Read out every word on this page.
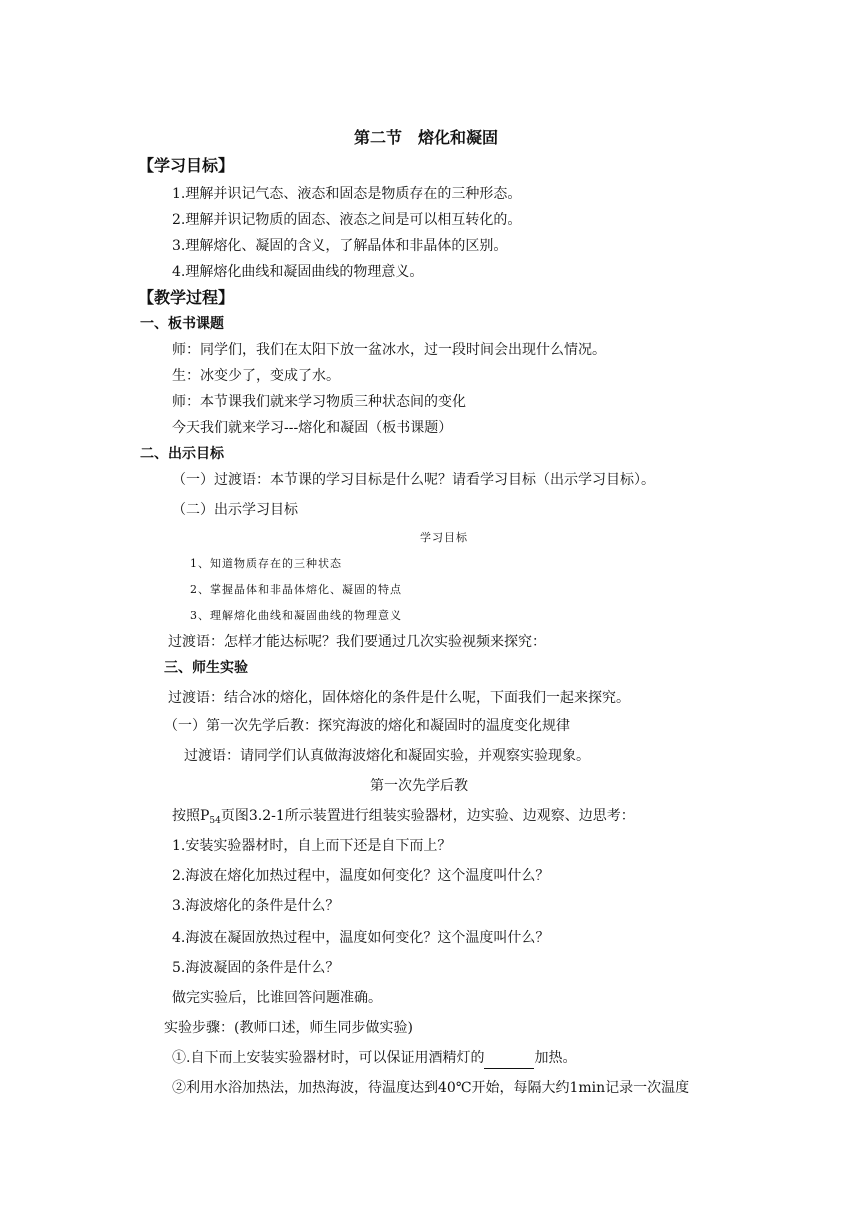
第二节　熔化和凝固
【学习目标】
1.理解并识记气态、液态和固态是物质存在的三种形态。
2.理解并识记物质的固态、液态之间是可以相互转化的。
3.理解熔化、凝固的含义，了解晶体和非晶体的区别。
4.理解熔化曲线和凝固曲线的物理意义。
【教学过程】
一、板书课题
师：同学们，我们在太阳下放一盆冰水，过一段时间会出现什么情况。
生：冰变少了，变成了水。
师：本节课我们就来学习物质三种状态间的变化
今天我们就来学习---熔化和凝固（板书课题）
二、出示目标
（一）过渡语：本节课的学习目标是什么呢？请看学习目标（出示学习目标）。
（二）出示学习目标
学习目标
1、知道物质存在的三种状态
2、掌握晶体和非晶体熔化、凝固的特点
3、理解熔化曲线和凝固曲线的物理意义
过渡语：怎样才能达标呢？我们要通过几次实验视频来探究：
三、师生实验
过渡语：结合冰的熔化，固体熔化的条件是什么呢，下面我们一起来探究。
（一）第一次先学后教：探究海波的熔化和凝固时的温度变化规律
过渡语：请同学们认真做海波熔化和凝固实验，并观察实验现象。
第一次先学后教
按照$P_{54}$页图3.2-1所示装置进行组装实验器材，边实验、边观察、边思考：
1.安装实验器材时，自上而下还是自下而上？
2.海波在熔化加热过程中，温度如何变化？这个温度叫什么？
3.海波熔化的条件是什么？
4.海波在凝固放热过程中，温度如何变化？这个温度叫什么？
5.海波凝固的条件是什么？
做完实验后，比谁回答问题准确。
实验步骤：(教师口述，师生同步做实验)
①.自下而上安装实验器材时，可以保证用酒精灯的	加热。
②利用水浴加热法，加热海波，待温度达到40℃开始，每隔大约1min记录一次温度
